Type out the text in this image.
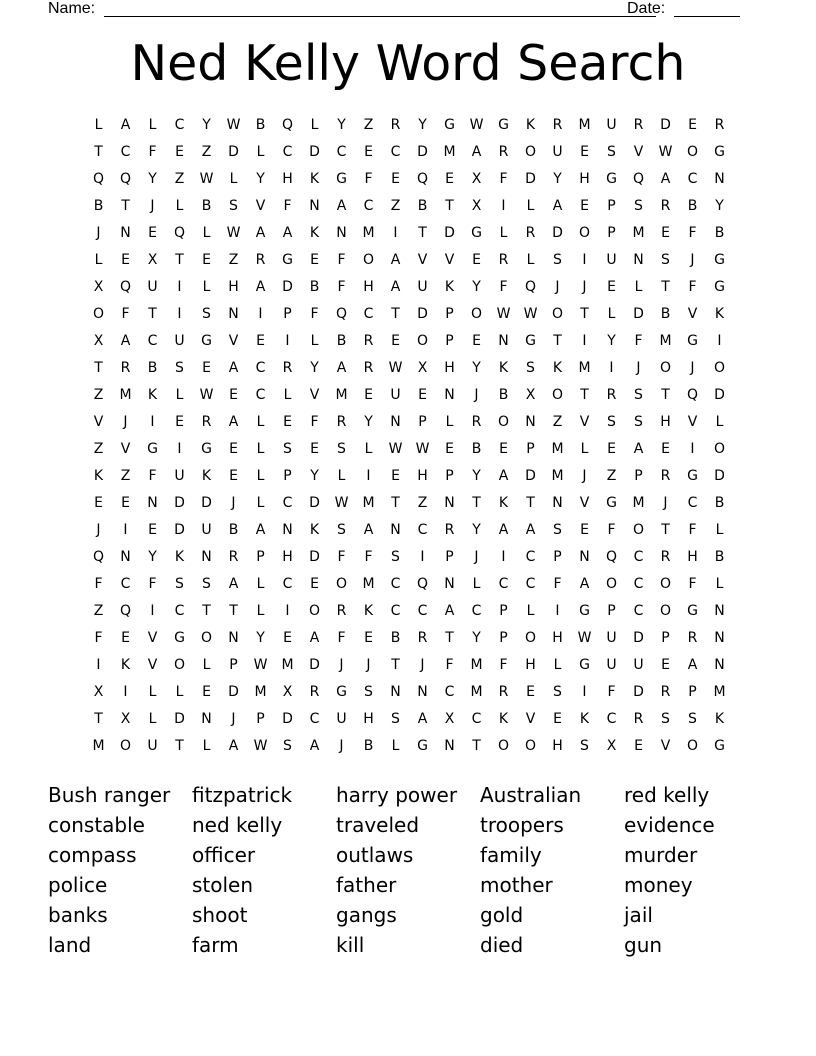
Name:	Date:
Ned Kelly Word Search
L	A	L	C	Y	W	B	Q	L	Y	Z	R	Y	G	W	G	K	R	M	U	R	D	E	R
T	C	F	E	Z	D	L	C	D	C	E	C	D	M	A	R	O	U	E	S	V	W	O	G
Q	Q	Y	Z	W	L	Y	H	K	G	F	E	Q	E	X	F	D	Y	H	G	Q	A	C	N
B	T	J	L	B	S	V	F	N	A	C	Z	B	T	X	I	L	A	E	P	S	R	B	Y
J	N	E	Q	L	W	A	A	K	N	M	I	T	D	G	L	R	D	O	P	M	E	F	B
L	E	X	T	E	Z	R	G	E	F	O	A	V	V	E	R	L	S	I	U	N	S	J	G
X	Q	U	I	L	H	A	D	B	F	H	A	U	K	Y	F	Q	J	J	E	L	T	F	G
O	F	T	I	S	N	I	P	F	Q	C	T	D	P	O	W W	O	T	L	D	B	V	K
X	A	C	U	G	V	E	I	L	B	R	E	O	P	E	N	G	T	I	Y	F	M	G	I
T	R	B	S	E	A	C	R	Y	A	R	W	X	H	Y	K	S	K	M	I	J	O	J	O
Z	M	K	L	W	E	C	L	V	M	E	U	E	N	J	B	X	O	T	R	S	T	Q	D
V	J	I	E	R	A	L	E	F	R	Y	N	P	L	R	O	N	Z	V	S	S	H	V	L
Z	V	G	I	G	E	L	S	E	S	L	W W	E	B	E	P	M	L	E	A	E	I	O
K	Z	F	U	K	E	L	P	Y	L	I	E	H	P	Y	A	D	M	J	Z	P	R	G	D
E	E	N	D	D	J	L	C	D	W	M	T	Z	N	T	K	T	N	V	G	M	J	C	B
J	I	E	D	U	B	A	N	K	S	A	N	C	R	Y	A	A	S	E	F	O	T	F	L
Q	N	Y	K	N	R	P	H	D	F	F	S	I	P	J	I	C	P	N	Q	C	R	H	B
F	C	F	S	S	A	L	C	E	O	M	C	Q	N	L	C	C	F	A	O	C	O	F	L
Z	Q	I	C	T	T	L	I	O	R	K	C	C	A	C	P	L	I	G	P	C	O	G	N
F	E	V	G	O	N	Y	E	A	F	E	B	R	T	Y	P	O	H	W	U	D	P	R	N
I	K	V	O	L	P	W	M	D	J	J	T	J	F	M	F	H	L	G	U	U	E	A	N
X	I	L	L	E	D	M	X	R	G	S	N	N	C	M	R	E	S	I	F	D	R	P	M
T	X	L	D	N	J	P	D	C	U	H	S	A	X	C	K	V	E	K	C	R	S	S	K
M	O	U	T	L	A	W	S	A	J	B	L	G	N	T	O	O	H	S	X	E	V	O	G
Bush ranger	fitzpatrick	harry power	Australian	red kelly
constable	ned kelly	traveled	troopers	evidence
compass	officer	outlaws	family	murder
police	stolen	father	mother	money
banks	shoot	gangs	gold	jail
land	farm	kill	died	gun
